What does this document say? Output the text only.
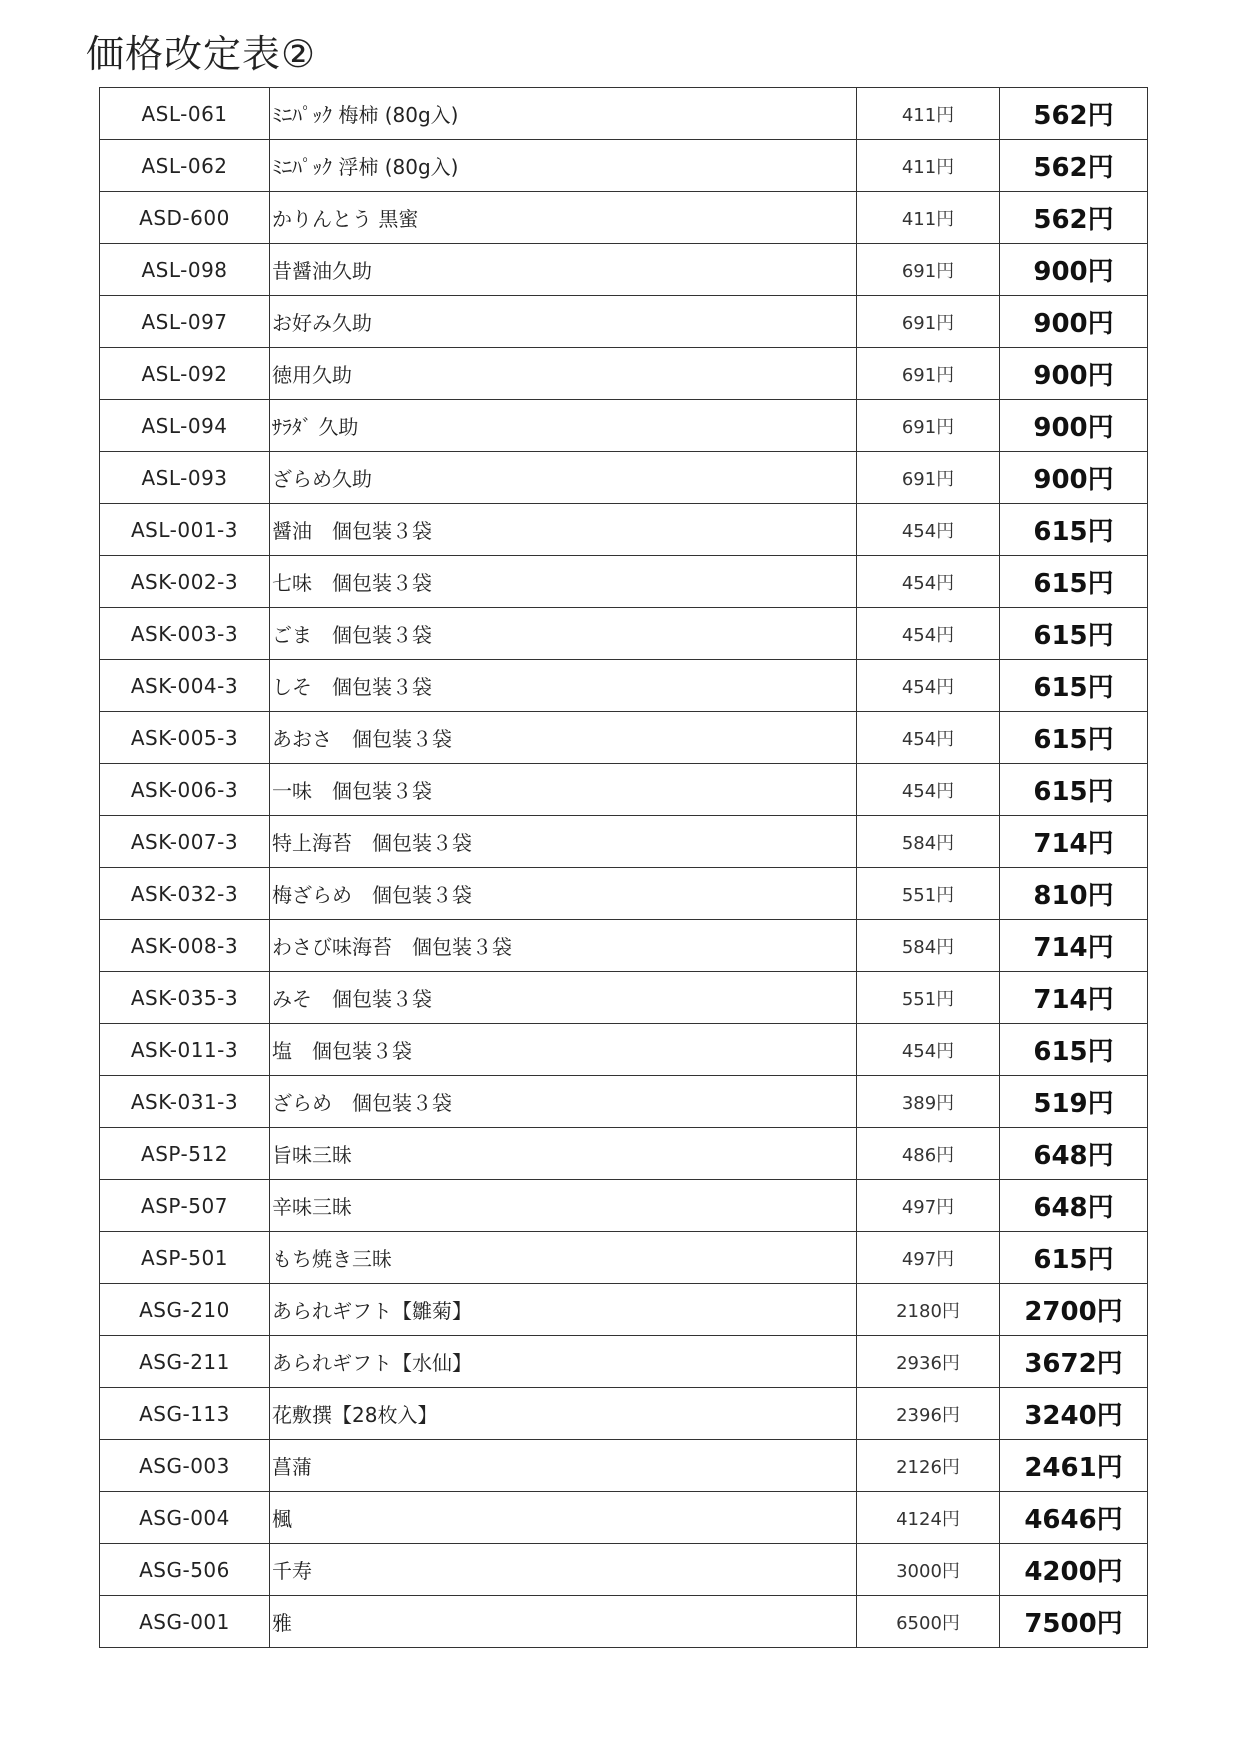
価格改定表②
ASL-061	ﾐﾆﾊﾟｯｸ 梅柿 (80g入)	411円	562円
ASL-062	ﾐﾆﾊﾟｯｸ 浮柿 (80g入)	411円	562円
ASD-600	かりんとう 黒蜜	411円	562円
ASL-098	昔醤油久助	691円	900円
ASL-097	お好み久助	691円	900円
ASL-092	徳用久助	691円	900円
ASL-094	ｻﾗﾀﾞ 久助	691円	900円
ASL-093	ざらめ久助	691円	900円
ASL-001-3	醤油　個包装３袋	454円	615円
ASK-002-3	七味　個包装３袋	454円	615円
ASK-003-3	ごま　個包装３袋	454円	615円
ASK-004-3	しそ　個包装３袋	454円	615円
ASK-005-3	あおさ　個包装３袋	454円	615円
ASK-006-3	一味　個包装３袋	454円	615円
ASK-007-3	特上海苔　個包装３袋	584円	714円
ASK-032-3	梅ざらめ　個包装３袋	551円	810円
ASK-008-3	わさび味海苔　個包装３袋	584円	714円
ASK-035-3	みそ　個包装３袋	551円	714円
ASK-011-3	塩　個包装３袋	454円	615円
ASK-031-3	ざらめ　個包装３袋	389円	519円
ASP-512	旨味三昧	486円	648円
ASP-507	辛味三昧	497円	648円
ASP-501	もち焼き三昧	497円	615円
ASG-210	あられギフト【雛菊】	2180円	2700円
ASG-211	あられギフト【水仙】	2936円	3672円
ASG-113	花敷撰【28枚入】	2396円	3240円
ASG-003	菖蒲	2126円	2461円
ASG-004	楓	4124円	4646円
ASG-506	千寿	3000円	4200円
ASG-001	雅	6500円	7500円
